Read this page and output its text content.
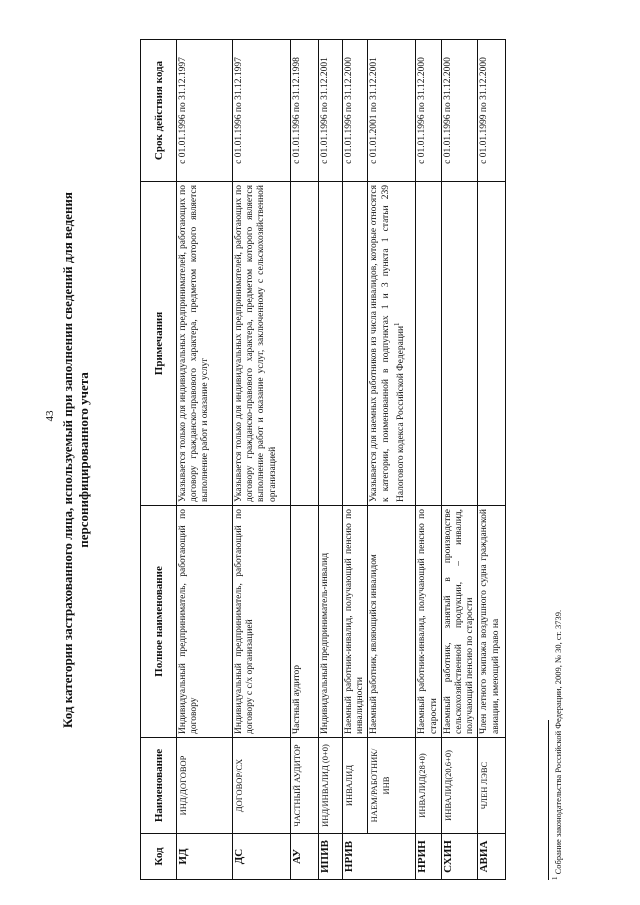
43 Код категории застрахованного лица, используемый при заполнении сведений для ведения персонифицированного учета
Код	Наименование	Полное наименование	Примечания	Срок действия кода
ИД	ИНД/ДОГОВОР	Индивидуальный предприниматель, работающий по договору	Указывается только для индивидуальных предпринимателей, работающих по договору гражданско-правового характера, предметом которого является выполнение работ и оказание услуг	с 01.01.1996 по 31.12.1997
ДС	ДОГОВОР/СХ	Индивидуальный предприниматель, работающий по договору с с/х организацией	Указывается только для индивидуальных предпринимателей, работающих по договору гражданско-правового характера, предметом которого является выполнение работ и оказание услуг, заключенному с сельскохозяйственной организацией	с 01.01.1996 по 31.12.1997
АУ	ЧАСТНЫЙ АУДИТОР	Частный аудитор		с 01.01.1996 по 31.12.1998
ИПИВ	ИНД/ИНВАЛИД (0+0)	Индивидуальный предприниматель-инвалид		с 01.01.1996 по 31.12.2001
НРИВ	ИНВАЛИД	Наемный работник-инвалид, получающий пенсию по инвалидности		с 01.01.1996 по 31.12.2000
	НАЕМ/РАБОТНИК/ИНВ	Наемный работник, являющийся инвалидом	Указывается для наемных работников из числа инвалидов, которые относятся к категории, поименованной в подпунктах 1 и 3 пункта 1 статьи 239 Налогового кодекса Российской Федерации$^1$	с 01.01.2001 по 31.12.2001
НРИН	ИНВАЛИД(28+0)	Наемный работник-инвалид, получающий пенсию по старости		с 01.01.1996 по 31.12.2000
СХИН	ИНВАЛИД(20,6+0)	Наемный работник, занятый в производстве сельскохозяйственной продукции, – инвалид, получающий пенсию по старости		с 01.01.1996 по 31.12.2000
АВИА	ЧЛЕН ЛЭВС	Член летного экипажа воздушного судна гражданской авиации, имеющий право на		с 01.01.1999 по 31.12.2000
$^1$ Собрание законодательства Российской Федерации, 2009, № 30, ст. 3739.
